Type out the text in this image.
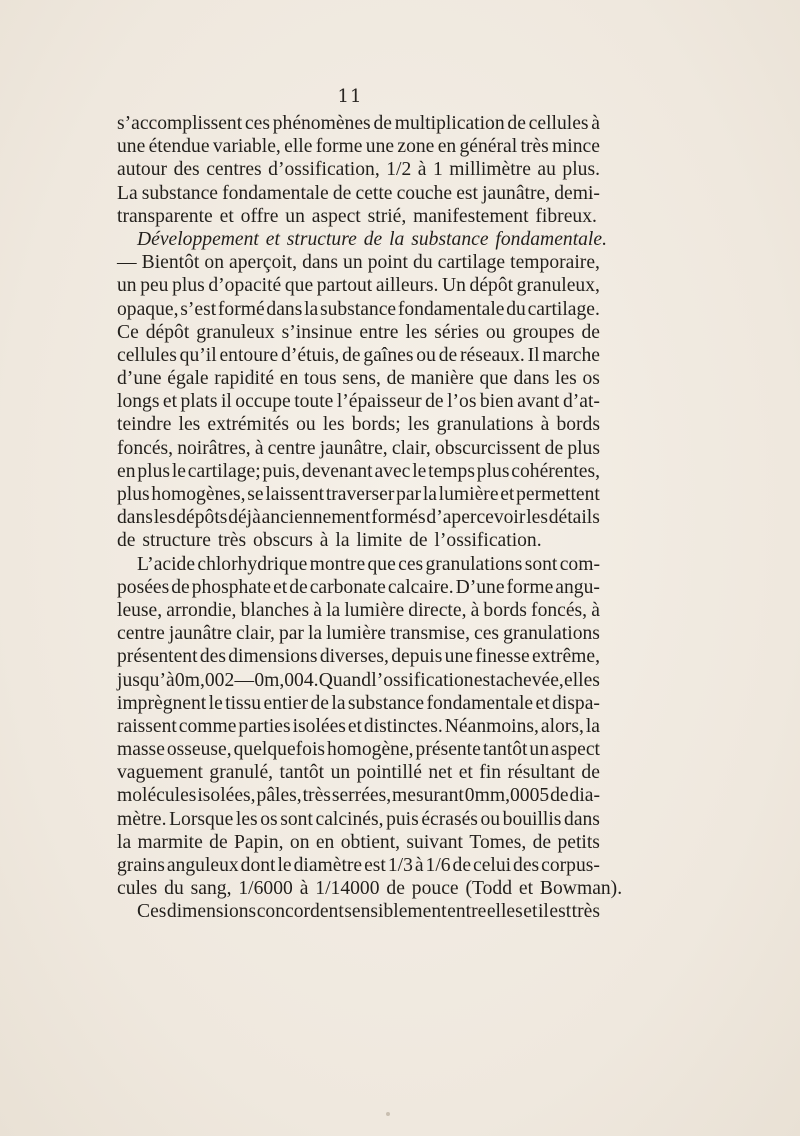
11
s’accomplissent ces phénomènes de multiplication de cellules à
une étendue variable, elle forme une zone en général très mince
autour des centres d’ossification, 1/2 à 1 millimètre au plus.
La substance fondamentale de cette couche est jaunâtre, demi-
transparente et offre un aspect strié, manifestement fibreux.
Développement et structure de la substance fondamentale.
— Bientôt on aperçoit, dans un point du cartilage temporaire,
un peu plus d’opacité que partout ailleurs. Un dépôt granuleux,
opaque, s’est formé dans la substance fondamentale du cartilage.
Ce dépôt granuleux s’insinue entre les séries ou groupes de
cellules qu’il entoure d’étuis, de gaînes ou de réseaux. Il marche
d’une égale rapidité en tous sens, de manière que dans les os
longs et plats il occupe toute l’épaisseur de l’os bien avant d’at-
teindre les extrémités ou les bords; les granulations à bords
foncés, noirâtres, à centre jaunâtre, clair, obscurcissent de plus
en plus le cartilage; puis, devenant avec le temps plus cohérentes,
plus homogènes, se laissent traverser par la lumière et permettent
dans les dépôts déjà anciennement formés d’apercevoir les détails
de structure très obscurs à la limite de l’ossification.
L’acide chlorhydrique montre que ces granulations sont com-
posées de phosphate et de carbonate calcaire. D’une forme angu-
leuse, arrondie, blanches à la lumière directe, à bords foncés, à
centre jaunâtre clair, par la lumière transmise, ces granulations
présentent des dimensions diverses, depuis une finesse extrême,
jusqu’à 0m,002 — 0m,004. Quand l’ossification est achevée, elles
imprègnent le tissu entier de la substance fondamentale et dispa-
raissent comme parties isolées et distinctes. Néanmoins, alors, la
masse osseuse, quelquefois homogène, présente tantôt un aspect
vaguement granulé, tantôt un pointillé net et fin résultant de
molécules isolées, pâles, très serrées, mesurant 0mm,0005 de dia-
mètre. Lorsque les os sont calcinés, puis écrasés ou bouillis dans
la marmite de Papin, on en obtient, suivant Tomes, de petits
grains anguleux dont le diamètre est 1/3 à 1/6 de celui des corpus-
cules du sang, 1/6000 à 1/14000 de pouce (Todd et Bowman).
Ces dimensions concordent sensiblement entre elles et il est très
